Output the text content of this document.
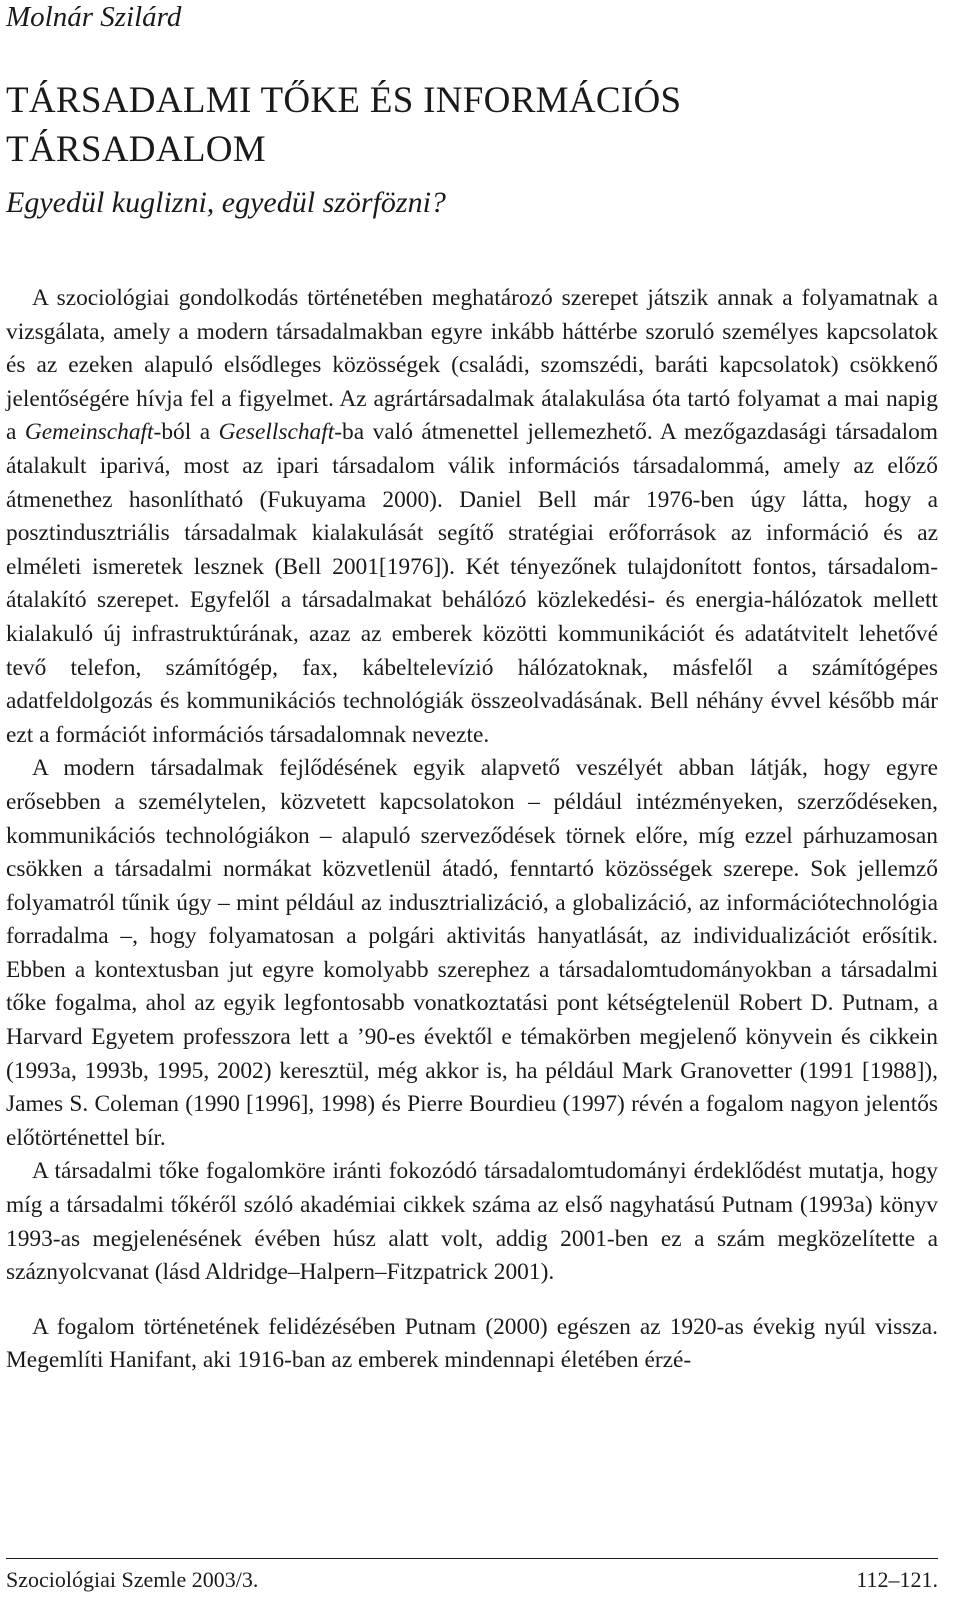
Molnár Szilárd
TÁRSADALMI TŐKE ÉS INFORMÁCIÓS TÁRSADALOM
Egyedül kuglizni, egyedül szörfözni?

A szociológiai gondolkodás történetében meghatározó szerepet játszik annak a folyamatnak a vizsgálata, amely a modern társadalmakban egyre inkább háttérbe szoruló személyes kapcsolatok és az ezeken alapuló elsődleges közösségek (családi, szomszédi, baráti kapcsolatok) csökkenő jelentőségére hívja fel a figyelmet. Az agrártársadalmak átalakulása óta tartó folyamat a mai napig a Gemeinschaft-ból a Gesellschaft-ba való átmenettel jellemezhető. A mezőgazdasági társadalom átalakult iparivá, most az ipari társadalom válik információs társadalommá, amely az előző átmenethez hasonlítható (Fukuyama 2000). Daniel Bell már 1976-ben úgy látta, hogy a posztindusztriális társadalmak kialakulását segítő stratégiai erőforrások az információ és az elméleti ismeretek lesznek (Bell 2001[1976]). Két tényezőnek tulajdonított fontos, társadalom-átalakító szerepet. Egyfelől a társadalmakat behálózó közlekedési- és energia-hálózatok mellett kialakuló új infrastruktúrának, azaz az emberek közötti kommunikációt és adatátvitelt lehetővé tevő telefon, számítógép, fax, kábeltelevízió hálózatoknak, másfelől a számítógépes adatfeldolgozás és kommunikációs technológiák összeolvadásának. Bell néhány évvel később már ezt a formációt információs társadalomnak nevezte.

A modern társadalmak fejlődésének egyik alapvető veszélyét abban látják, hogy egyre erősebben a személytelen, közvetett kapcsolatokon – például intézményeken, szerződéseken, kommunikációs technológiákon – alapuló szerveződések törnek előre, míg ezzel párhuzamosan csökken a társadalmi normákat közvetlenül átadó, fenntartó közösségek szerepe. Sok jellemző folyamatról tűnik úgy – mint például az indusztrializáció, a globalizáció, az információtechnológia forradalma –, hogy folyamatosan a polgári aktivitás hanyatlását, az individualizációt erősítik. Ebben a kontextusban jut egyre komolyabb szerephez a társadalomtudományokban a társadalmi tőke fogalma, ahol az egyik legfontosabb vonatkoztatási pont kétségtelenül Robert D. Putnam, a Harvard Egyetem professzora lett a ’90-es évektől e témakörben megjelenő könyvein és cikkein (1993a, 1993b, 1995, 2002) keresztül, még akkor is, ha például Mark Granovetter (1991 [1988]), James S. Coleman (1990 [1996], 1998) és Pierre Bourdieu (1997) révén a fogalom nagyon jelentős előtörténettel bír.

A társadalmi tőke fogalomköre iránti fokozódó társadalomtudományi érdeklődést mutatja, hogy míg a társadalmi tőkéről szóló akadémiai cikkek száma az első nagyhatású Putnam (1993a) könyv 1993-as megjelenésének évében húsz alatt volt, addig 2001-ben ez a szám megközelítette a száznyolcvanat (lásd Aldridge–Halpern–Fitzpatrick 2001).

A fogalom történetének felidézésében Putnam (2000) egészen az 1920-as évekig nyúl vissza. Megemlíti Hanifant, aki 1916-ban az emberek mindennapi életében érzé-

Szociológiai Szemle 2003/3.	112–121.
